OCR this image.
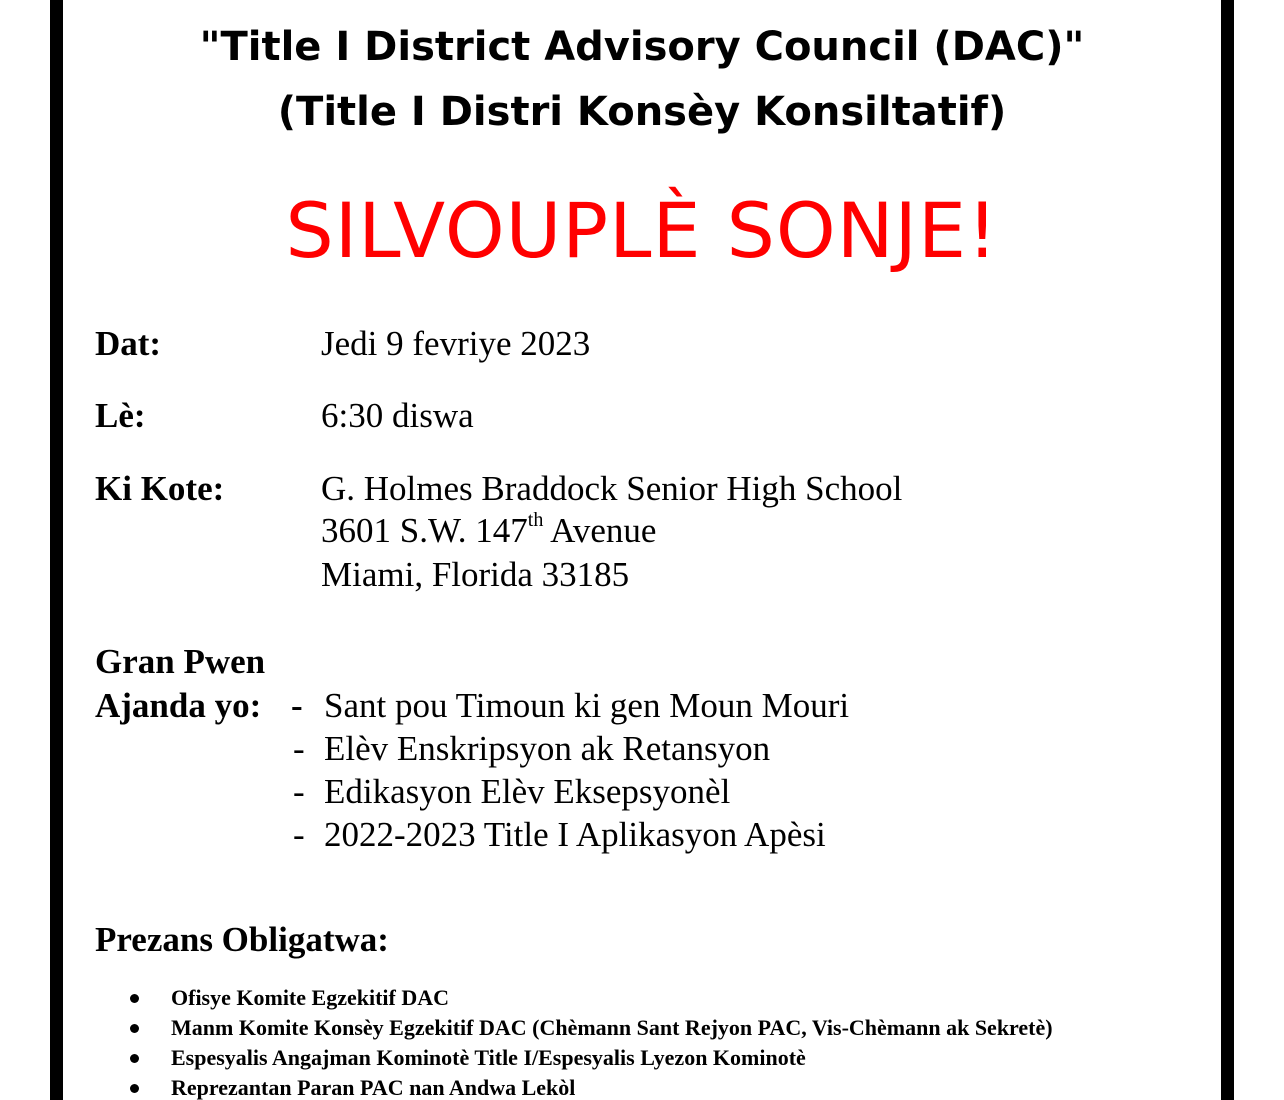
"Title I District Advisory Council (DAC)"
(Title I Distri Konsèy Konsiltatif)
SILVOUPLÈ SONJE!
Dat:	Jedi 9 fevriye 2023
Lè:	6:30 diswa
Ki Kote:	G. Holmes Braddock Senior High School
3601 S.W. 147th Avenue
Miami, Florida 33185
Gran Pwen
Ajanda yo: - Sant pou Timoun ki gen Moun Mouri
- Elèv Enskripsyon ak Retansyon
- Edikasyon Elèv Eksepsyonèl
- 2022-2023 Title I Aplikasyon Apèsi
Prezans Obligatwa:
Ofisye Komite Egzekitif DAC
Manm Komite Konsèy Egzekitif DAC (Chèmann Sant Rejyon PAC, Vis-Chèmann ak Sekretè)
Espesyalis Angajman Kominotè Title I/Espesyalis Lyezon Kominotè
Reprezantan Paran PAC nan Andwa Lekòl
